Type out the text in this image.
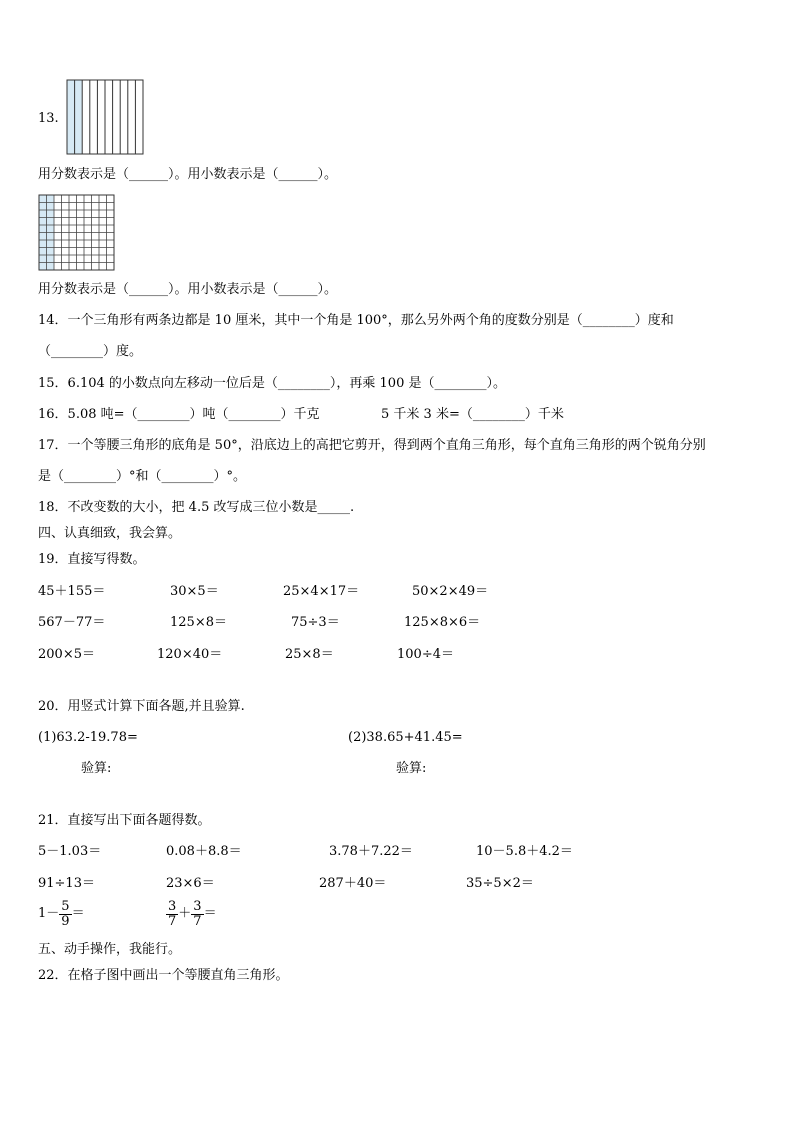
13.
用分数表示是（______）。用小数表示是（______）。
用分数表示是（______）。用小数表示是（______）。
14．一个三角形有两条边都是 10 厘米，其中一个角是 100°，那么另外两个角的度数分别是（________）度和
（________）度。
15．6.104 的小数点向左移动一位后是（________），再乘 100 是（________）。
16．5.08 吨=（________）吨（________）千克	5 千米 3 米=（________）千米
17．一个等腰三角形的底角是 50°，沿底边上的高把它剪开，得到两个直角三角形，每个直角三角形的两个锐角分别
是（________）°和（________）°。
18．不改变数的大小，把 4.5 改写成三位小数是_____.
四、认真细致，我会算。
19．直接写得数。
45＋155＝	30×5＝	25×4×17＝	50×2×49＝
567－77＝	125×8＝	75÷3＝	125×8×6＝
200×5＝	120×40＝	25×8＝	100÷4＝
20．用竖式计算下面各题,并且验算.
(1)63.2-19.78=	(2)38.65+41.45=
验算:	验算:
21．直接写出下面各题得数。
5－1.03＝	0.08＋8.8＝	3.78＋7.22＝	10－5.8＋4.2＝
91÷13＝	23×6＝	287＋40＝	35÷5×2＝
$1- \frac{5}{9}$ ＝	$\frac{3}{7} + \frac{3}{7}$ ＝
五、动手操作，我能行。
22．在格子图中画出一个等腰直角三角形。
